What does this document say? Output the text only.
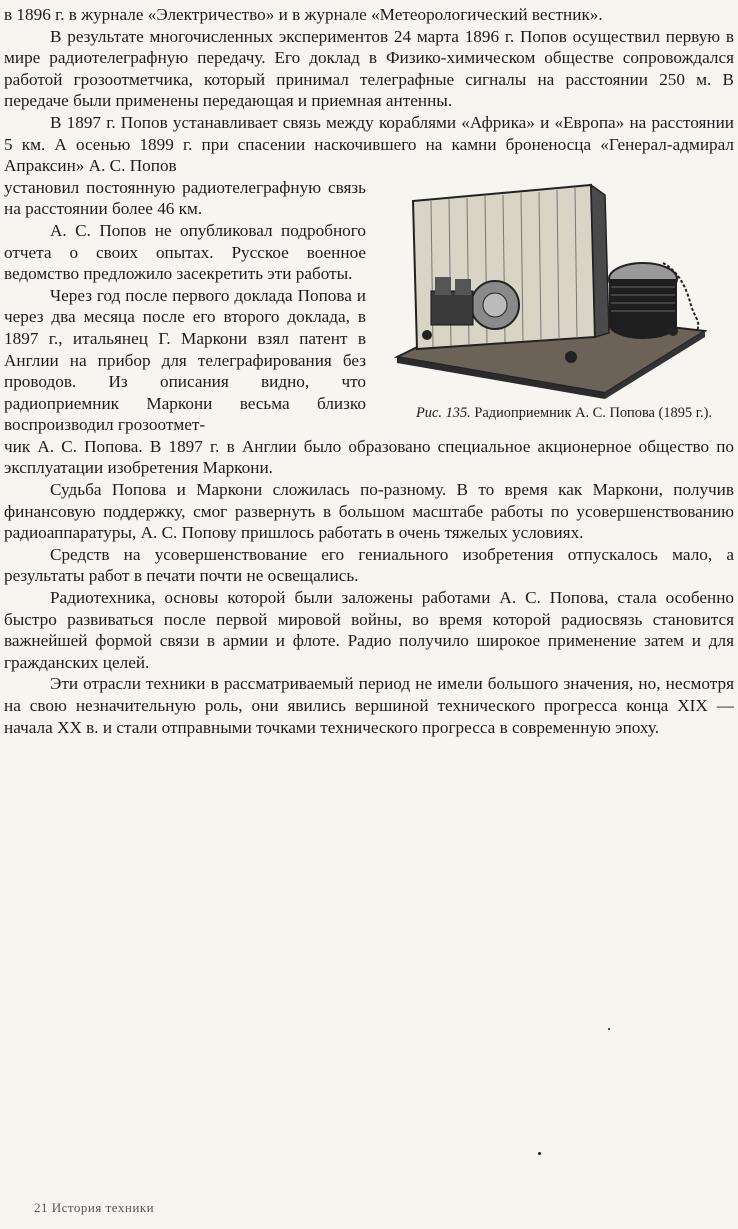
в 1896 г. в журнале «Электричество» и в журнале «Метеорологический вестник».

В результате многочисленных экспериментов 24 марта 1896 г. Попов осуществил первую в мире радиотелеграфную передачу. Его доклад в Физико-химическом обществе сопровождался работой грозоотметчика, который принимал телеграфные сигналы на расстоянии 250 м. В передаче были применены передающая и приемная антенны.

В 1897 г. Попов устанавливает связь между кораблями «Африка» и «Европа» на расстоянии 5 км. А осенью 1899 г. при спасении наскочившего на камни броненосца «Генерал-адмирал Апраксин» А. С. Попов

установил постоянную радиотелеграфную связь на расстоянии более 46 км.

А. С. Попов не опубликовал подробного отчета о своих опытах. Русское военное ведомство предложило засекретить эти работы.

Через год после первого доклада Попова и через два месяца после его второго доклада, в 1897 г., итальянец Г. Маркони взял патент в Англии на прибор для телеграфирования без проводов. Из описания видно, что радиоприемник Маркони весьма близко воспроизводил грозоотмет-

Рис. 135. Радиоприемник А. С. Попова (1895 г.).

чик А. С. Попова. В 1897 г. в Англии было образовано специальное акционерное общество по эксплуатации изобретения Маркони.

Судьба Попова и Маркони сложилась по-разному. В то время как Маркони, получив финансовую поддержку, смог развернуть в большом масштабе работы по усовершенствованию радиоаппаратуры, А. С. Попову пришлось работать в очень тяжелых условиях.

Средств на усовершенствование его гениального изобретения отпускалось мало, а результаты работ в печати почти не освещались.

Радиотехника, основы которой были заложены работами А. С. Попова, стала особенно быстро развиваться после первой мировой войны, во время которой радиосвязь становится важнейшей формой связи в армии и флоте. Радио получило широкое применение затем и для гражданских целей.

Эти отрасли техники в рассматриваемый период не имели большого значения, но, несмотря на свою незначительную роль, они явились вершиной технического прогресса конца XIX — начала XX в. и стали отправными точками технического прогресса в современную эпоху.

21 История техники
